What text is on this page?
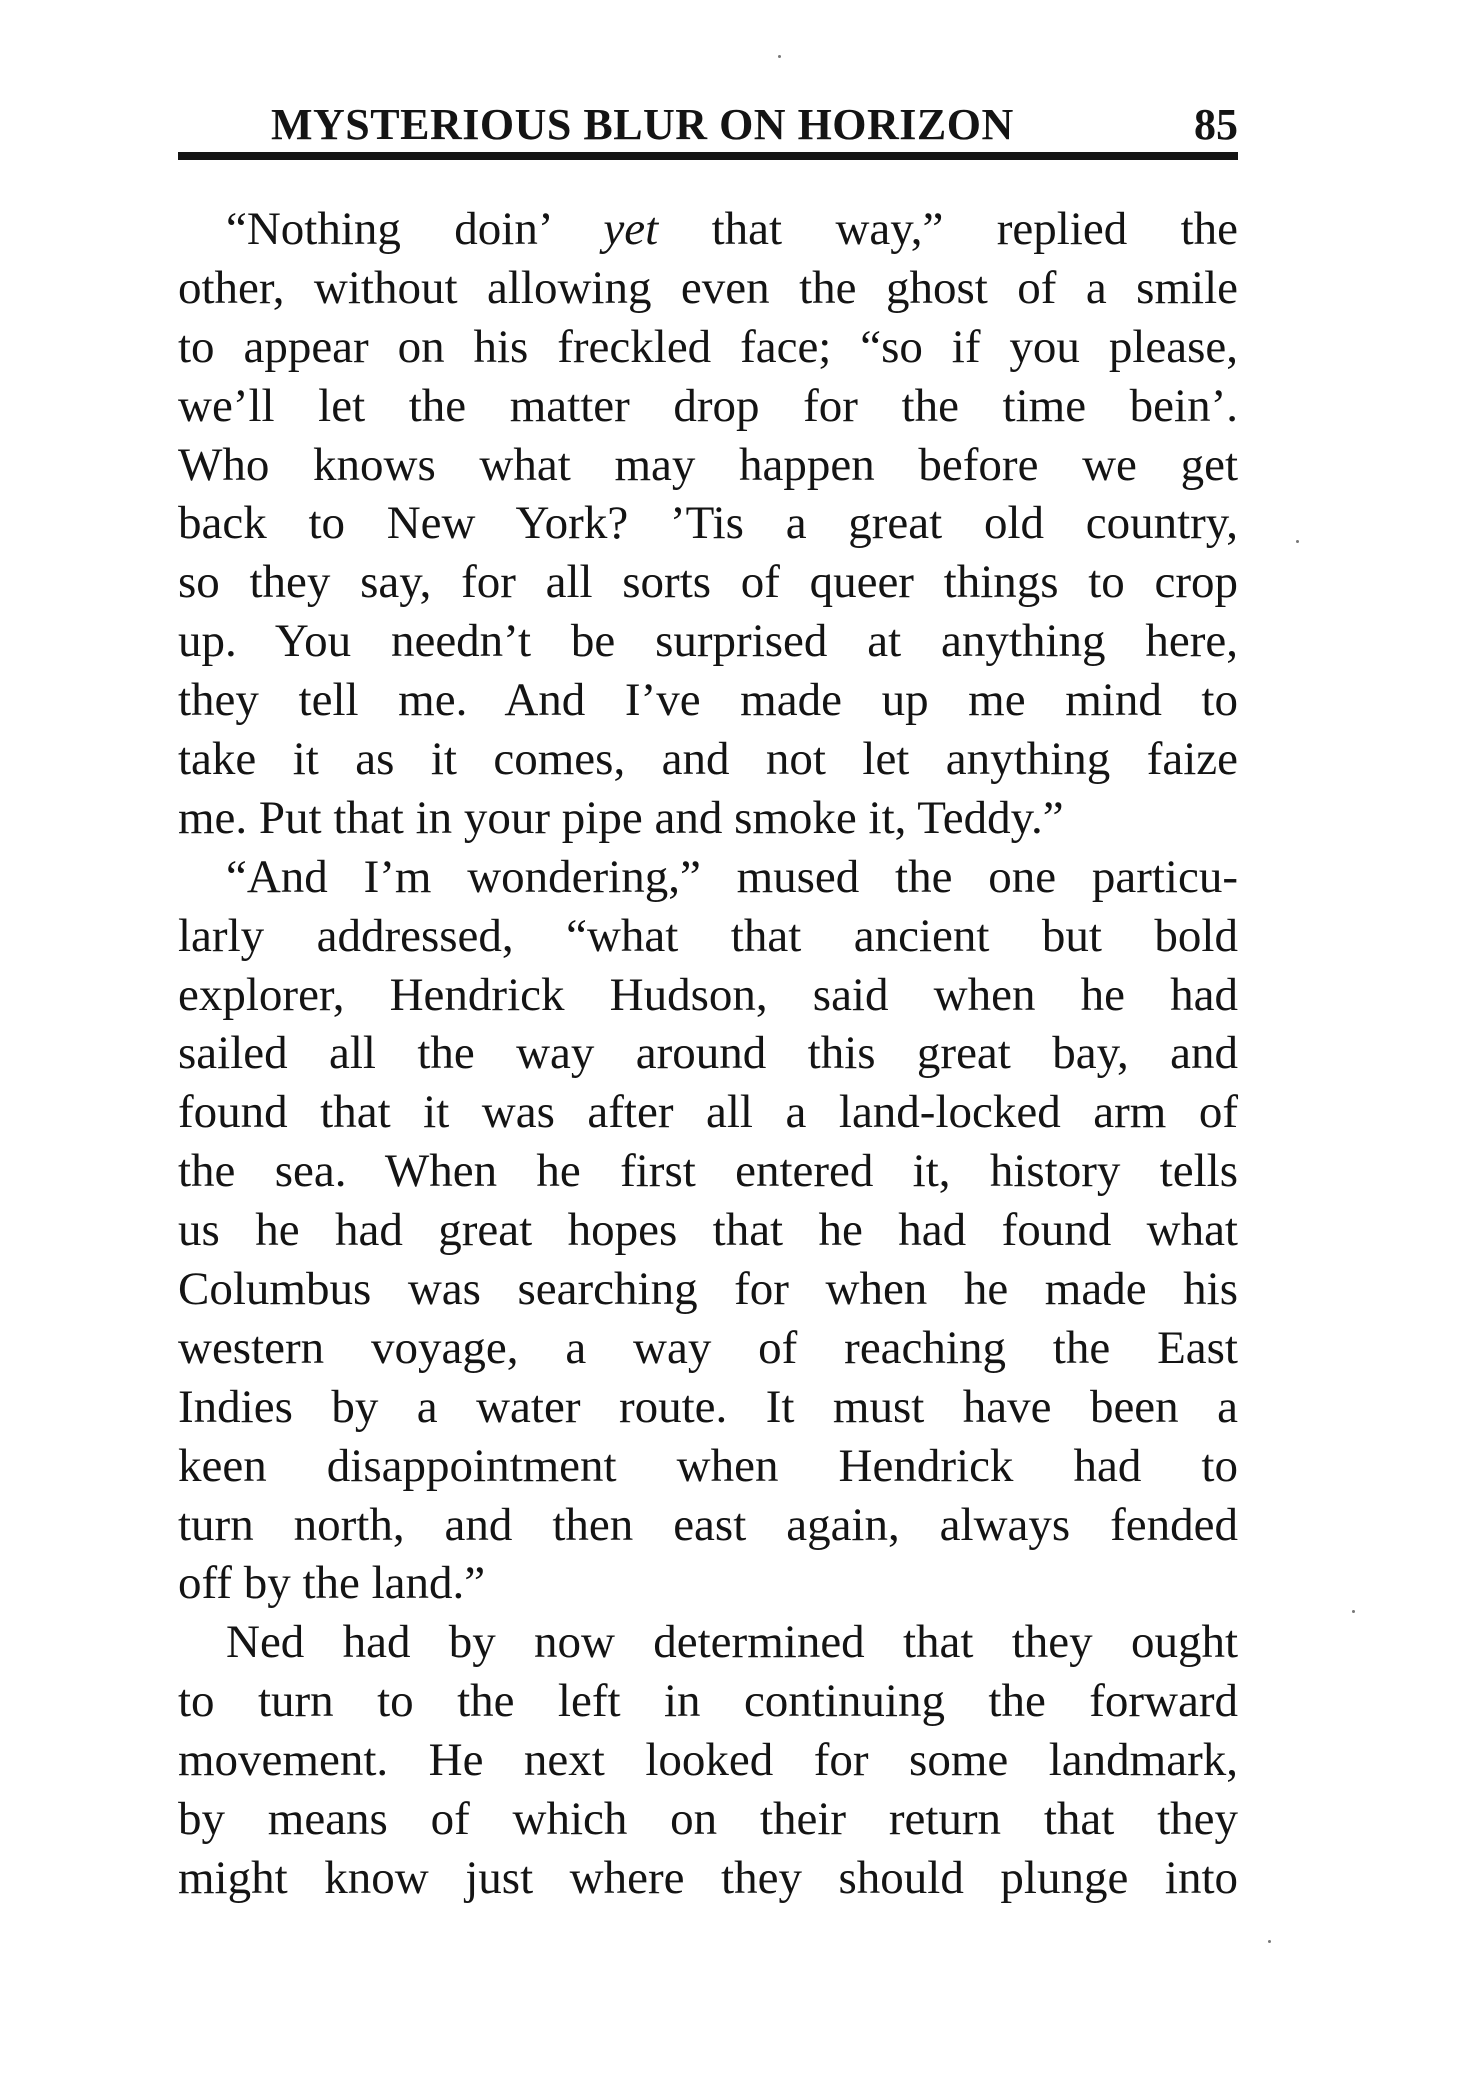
MYSTERIOUS BLUR ON HORIZON	85
“Nothing doin’ yet that way,” replied the
other, without allowing even the ghost of a smile
to appear on his freckled face; “so if you please,
we’ll let the matter drop for the time bein’.
Who knows what may happen before we get
back to New York? ’Tis a great old country,
so they say, for all sorts of queer things to crop
up. You needn’t be surprised at anything here,
they tell me. And I’ve made up me mind to
take it as it comes, and not let anything faize
me. Put that in your pipe and smoke it, Teddy.”
“And I’m wondering,” mused the one particu-
larly addressed, “what that ancient but bold
explorer, Hendrick Hudson, said when he had
sailed all the way around this great bay, and
found that it was after all a land-locked arm of
the sea. When he first entered it, history tells
us he had great hopes that he had found what
Columbus was searching for when he made his
western voyage, a way of reaching the East
Indies by a water route. It must have been a
keen disappointment when Hendrick had to
turn north, and then east again, always fended
off by the land.”
Ned had by now determined that they ought
to turn to the left in continuing the forward
movement. He next looked for some landmark,
by means of which on their return that they
might know just where they should plunge into
